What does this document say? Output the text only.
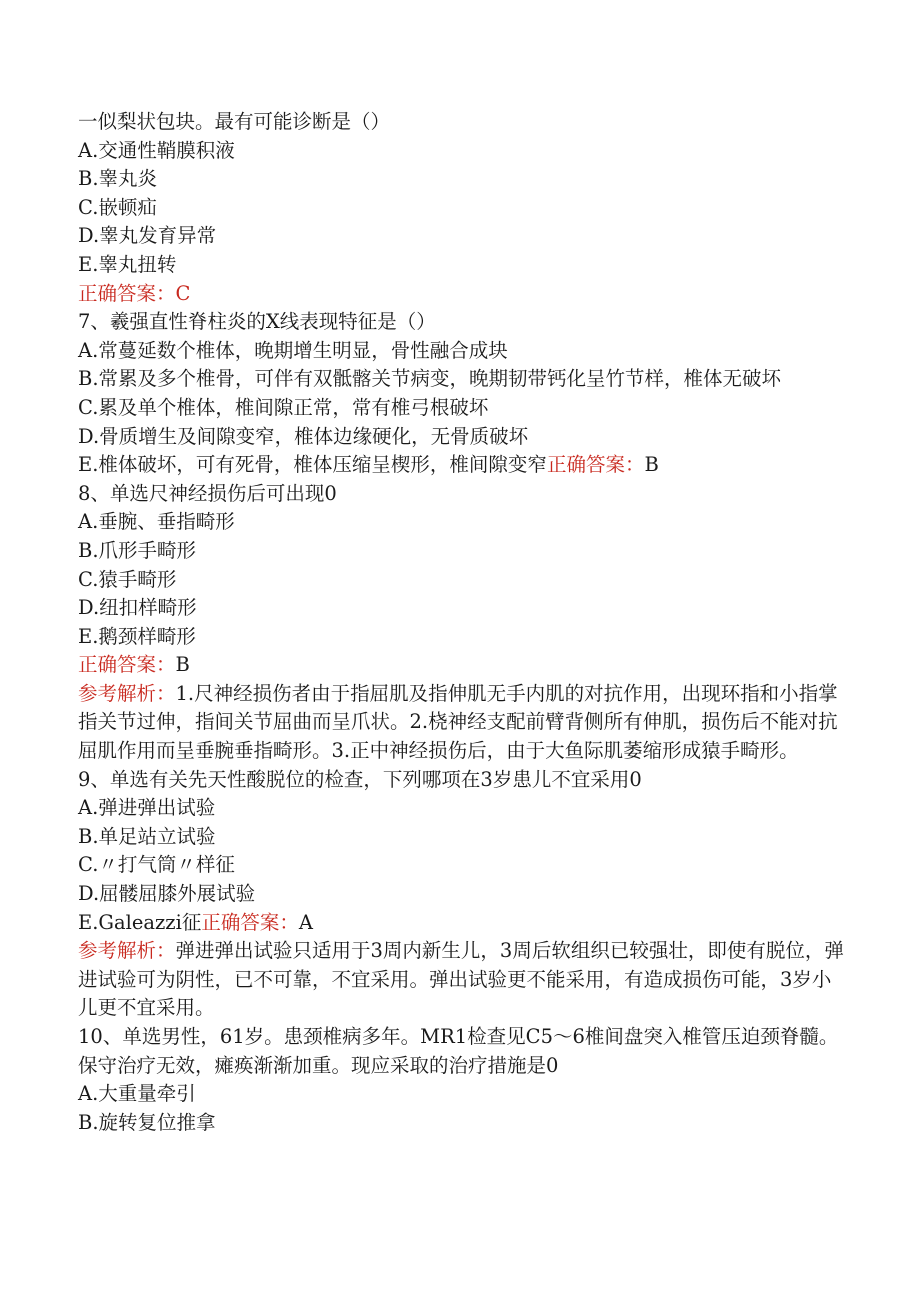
一似梨状包块。最有可能诊断是（）
A.交通性鞘膜积液
B.睾丸炎
C.嵌顿疝
D.睾丸发育异常
E.睾丸扭转
正确答案：C
7、羲强直性脊柱炎的X线表现特征是（）
A.常蔓延数个椎体，晚期增生明显，骨性融合成块
B.常累及多个椎骨，可伴有双骶髂关节病变，晚期韧带钙化呈竹节样，椎体无破坏
C.累及单个椎体，椎间隙正常，常有椎弓根破坏
D.骨质增生及间隙变窄，椎体边缘硬化，无骨质破坏
E.椎体破坏，可有死骨，椎体压缩呈楔形，椎间隙变窄正确答案：B
8、单选尺神经损伤后可出现0
A.垂腕、垂指畸形
B.爪形手畸形
C.猿手畸形
D.纽扣样畸形
E.鹅颈样畸形
正确答案：B
参考解析：1.尺神经损伤者由于指屈肌及指伸肌无手内肌的对抗作用，出现环指和小指掌指关节过伸，指间关节屈曲而呈爪状。2.桡神经支配前臂背侧所有伸肌，损伤后不能对抗屈肌作用而呈垂腕垂指畸形。3.正中神经损伤后，由于大鱼际肌萎缩形成猿手畸形。
9、单选有关先天性酸脱位的检查，下列哪项在3岁患儿不宜采用0
A.弹进弹出试验
B.单足站立试验
C.〃打气筒〃样征
D.屈髅屈膝外展试验
E.Galeazzi征正确答案：A
参考解析：弹进弹出试验只适用于3周内新生儿，3周后软组织已较强壮，即使有脱位，弹进试验可为阴性，已不可靠，不宜采用。弹出试验更不能采用，有造成损伤可能，3岁小儿更不宜采用。
10、单选男性，61岁。患颈椎病多年。MR1检查见C5～6椎间盘突入椎管压迫颈脊髓。保守治疗无效，瘫痪渐渐加重。现应采取的治疗措施是0
A.大重量牵引
B.旋转复位推拿
